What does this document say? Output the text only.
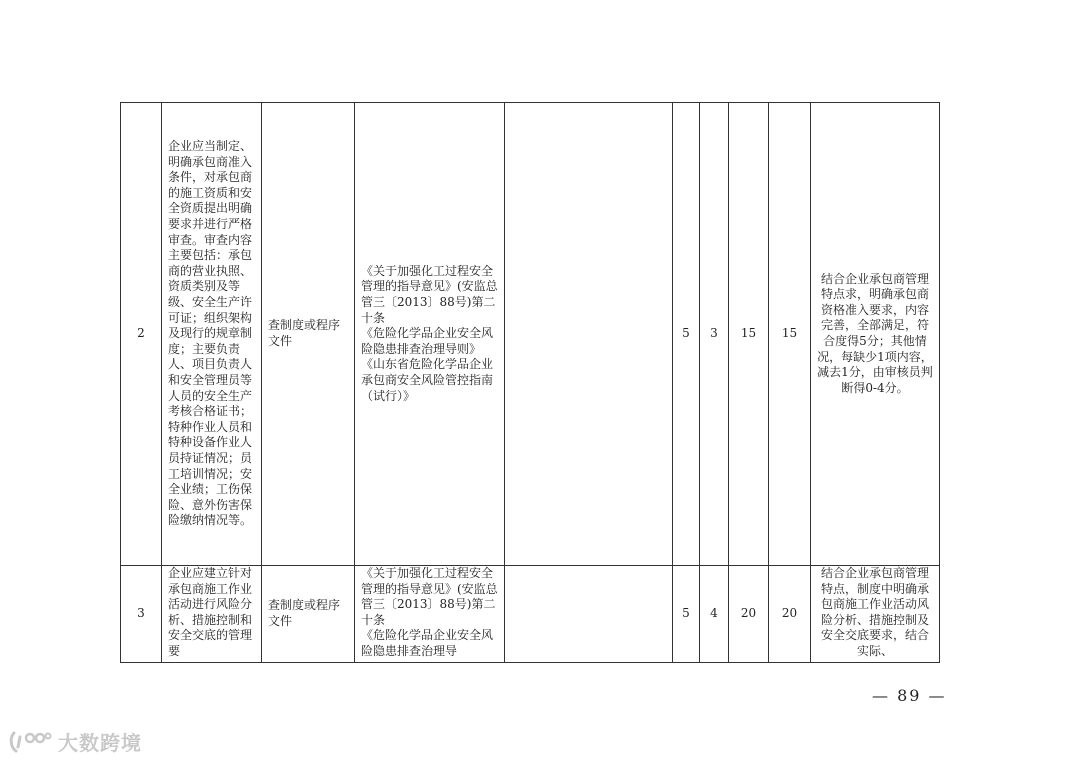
2	企业应当制定、明确承包商准入条件，对承包商的施工资质和安全资质提出明确要求并进行严格审查。审查内容主要包括：承包商的营业执照、资质类别及等级、安全生产许可证；组织架构及现行的规章制度；主要负责人、项目负责人和安全管理员等人员的安全生产考核合格证书；特种作业人员和特种设备作业人员持证情况；员工培训情况；安全业绩；工伤保险、意外伤害保险缴纳情况等。	查制度或程序文件	《关于加强化工过程安全管理的指导意见》(安监总管三〔2013〕88号)第二十条
《危险化学品企业安全风险隐患排查治理导则》
《山东省危险化学品企业承包商安全风险管控指南（试行）》		5	3	15	15	结合企业承包商管理特点求，明确承包商资格准入要求，内容完善，全部满足，符合度得5分；其他情况，每缺少1项内容，减去1分，由审核员判断得0-4分。
3	企业应建立针对承包商施工作业活动进行风险分析、措施控制和安全交底的管理要	查制度或程序文件	《关于加强化工过程安全管理的指导意见》(安监总管三〔2013〕88号)第二十条
《危险化学品企业安全风险隐患排查治理导		5	4	20	20	结合企业承包商管理特点，制度中明确承包商施工作业活动风险分析、措施控制及安全交底要求，结合实际、
— 89 —
大数跨境
